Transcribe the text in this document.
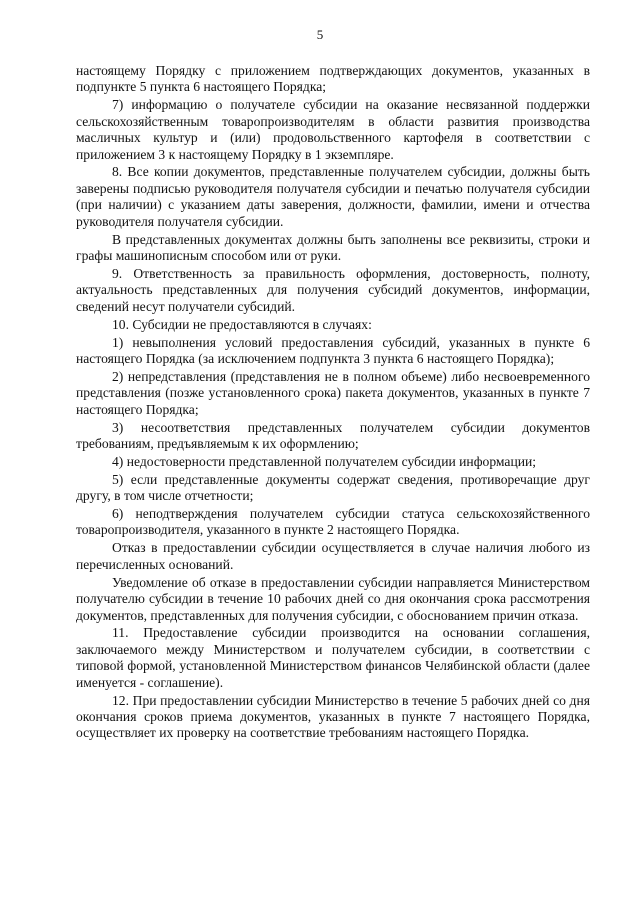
5

настоящему Порядку с приложением подтверждающих документов, указанных в подпункте 5 пункта 6 настоящего Порядка;

7) информацию о получателе субсидии на оказание несвязанной поддержки сельскохозяйственным товаропроизводителям в области развития производства масличных культур и (или) продовольственного картофеля в соответствии с приложением 3 к настоящему Порядку в 1 экземпляре.

8. Все копии документов, представленные получателем субсидии, должны быть заверены подписью руководителя получателя субсидии и печатью получателя субсидии (при наличии) с указанием даты заверения, должности, фамилии, имени и отчества руководителя получателя субсидии.

В представленных документах должны быть заполнены все реквизиты, строки и графы машинописным способом или от руки.

9. Ответственность за правильность оформления, достоверность, полноту, актуальность представленных для получения субсидий документов, информации, сведений несут получатели субсидий.

10. Субсидии не предоставляются в случаях:

1) невыполнения условий предоставления субсидий, указанных в пункте 6 настоящего Порядка (за исключением подпункта 3 пункта 6 настоящего Порядка);

2) непредставления (представления не в полном объеме) либо несвоевременного представления (позже установленного срока) пакета документов, указанных в пункте 7 настоящего Порядка;

3) несоответствия представленных получателем субсидии документов требованиям, предъявляемым к их оформлению;

4) недостоверности представленной получателем субсидии информации;

5) если представленные документы содержат сведения, противоречащие друг другу, в том числе отчетности;

6) неподтверждения получателем субсидии статуса сельскохозяйственного товаропроизводителя, указанного в пункте 2 настоящего Порядка.

Отказ в предоставлении субсидии осуществляется в случае наличия любого из перечисленных оснований.

Уведомление об отказе в предоставлении субсидии направляется Министерством получателю субсидии в течение 10 рабочих дней со дня окончания срока рассмотрения документов, представленных для получения субсидии, с обоснованием причин отказа.

11. Предоставление субсидии производится на основании соглашения, заключаемого между Министерством и получателем субсидии, в соответствии с типовой формой, установленной Министерством финансов Челябинской области (далее именуется - соглашение).

12. При предоставлении субсидии Министерство в течение 5 рабочих дней со дня окончания сроков приема документов, указанных в пункте 7 настоящего Порядка, осуществляет их проверку на соответствие требованиям настоящего Порядка.
